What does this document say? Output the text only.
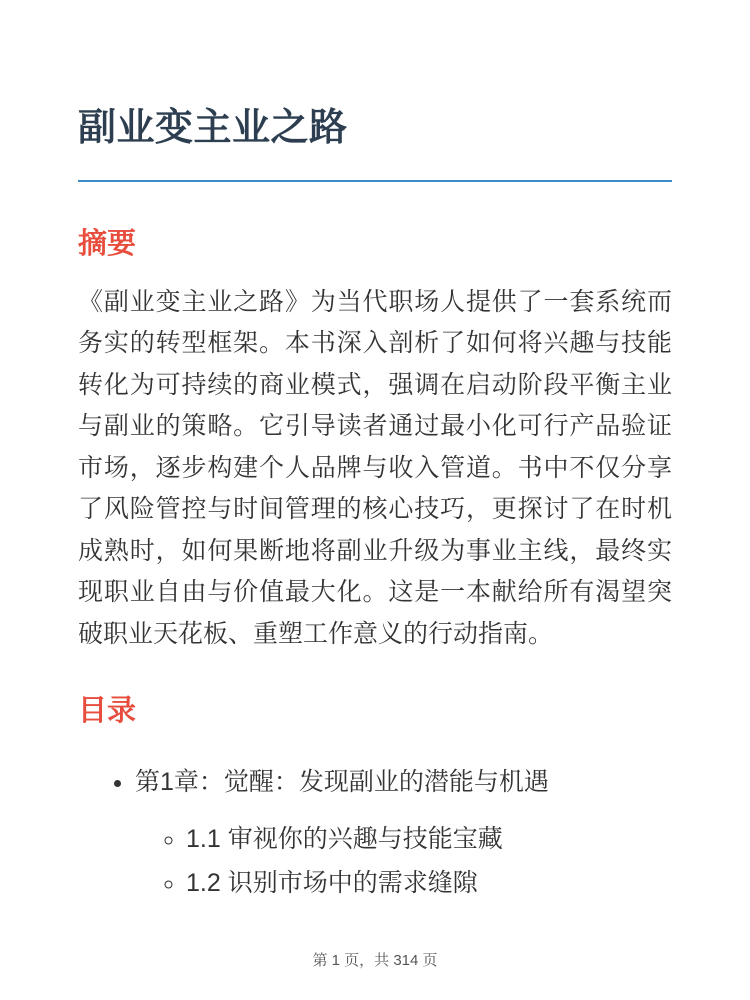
副业变主业之路
摘要

《副业变主业之路》为当代职场人提供了一套系统而务实的转型框架。本书深入剖析了如何将兴趣与技能转化为可持续的商业模式，强调在启动阶段平衡主业与副业的策略。它引导读者通过最小化可行产品验证市场，逐步构建个人品牌与收入管道。书中不仅分享了风险管控与时间管理的核心技巧，更探讨了在时机成熟时，如何果断地将副业升级为事业主线，最终实现职业自由与价值最大化。这是一本献给所有渴望突破职业天花板、重塑工作意义的行动指南。

目录
• 第1章：觉醒：发现副业的潜能与机遇
◦ 1.1 审视你的兴趣与技能宝藏
◦ 1.2 识别市场中的需求缝隙
第 1 页，共 314 页
